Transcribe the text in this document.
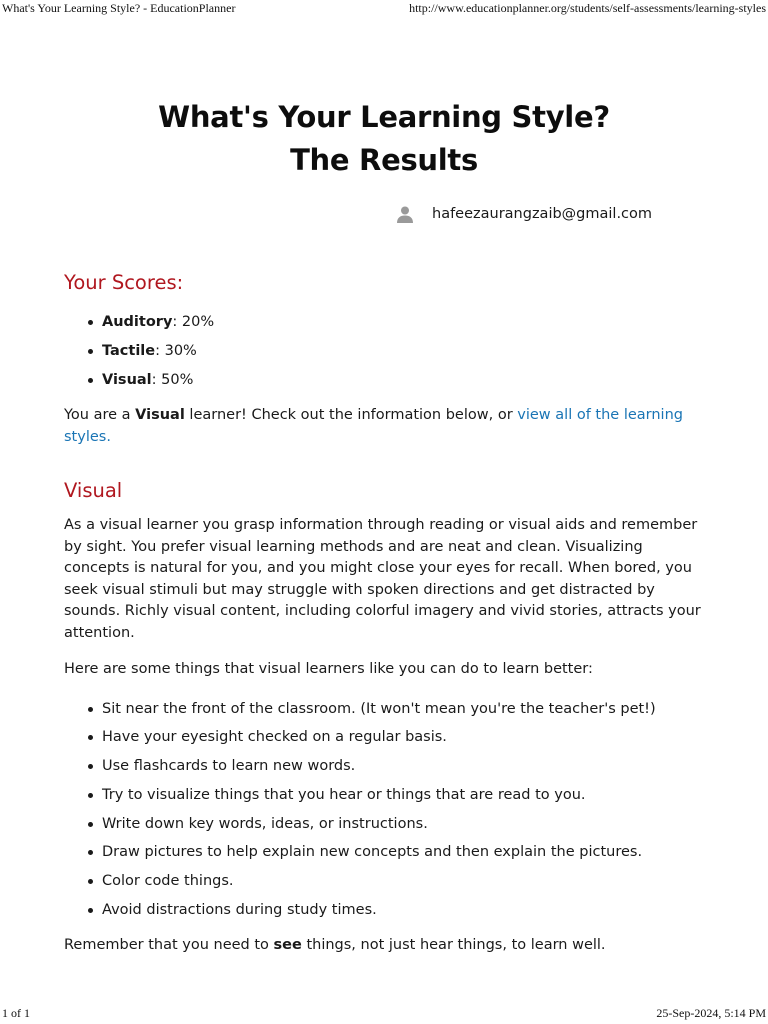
What's Your Learning Style? - EducationPlanner	http://www.educationplanner.org/students/self-assessments/learning-styles
What's Your Learning Style?
The Results
hafeezaurangzaib@gmail.com
Your Scores:
Auditory: 20%
Tactile: 30%
Visual: 50%

You are a Visual learner! Check out the information below, or view all of the learning styles.

Visual

As a visual learner you grasp information through reading or visual aids and remember by sight. You prefer visual learning methods and are neat and clean. Visualizing concepts is natural for you, and you might close your eyes for recall. When bored, you seek visual stimuli but may struggle with spoken directions and get distracted by sounds. Richly visual content, including colorful imagery and vivid stories, attracts your attention.

Here are some things that visual learners like you can do to learn better:

Sit near the front of the classroom. (It won't mean you're the teacher's pet!)
Have your eyesight checked on a regular basis.
Use flashcards to learn new words.
Try to visualize things that you hear or things that are read to you.
Write down key words, ideas, or instructions.
Draw pictures to help explain new concepts and then explain the pictures.
Color code things.
Avoid distractions during study times.

Remember that you need to see things, not just hear things, to learn well.

1 of 1	25-Sep-2024, 5:14 PM
